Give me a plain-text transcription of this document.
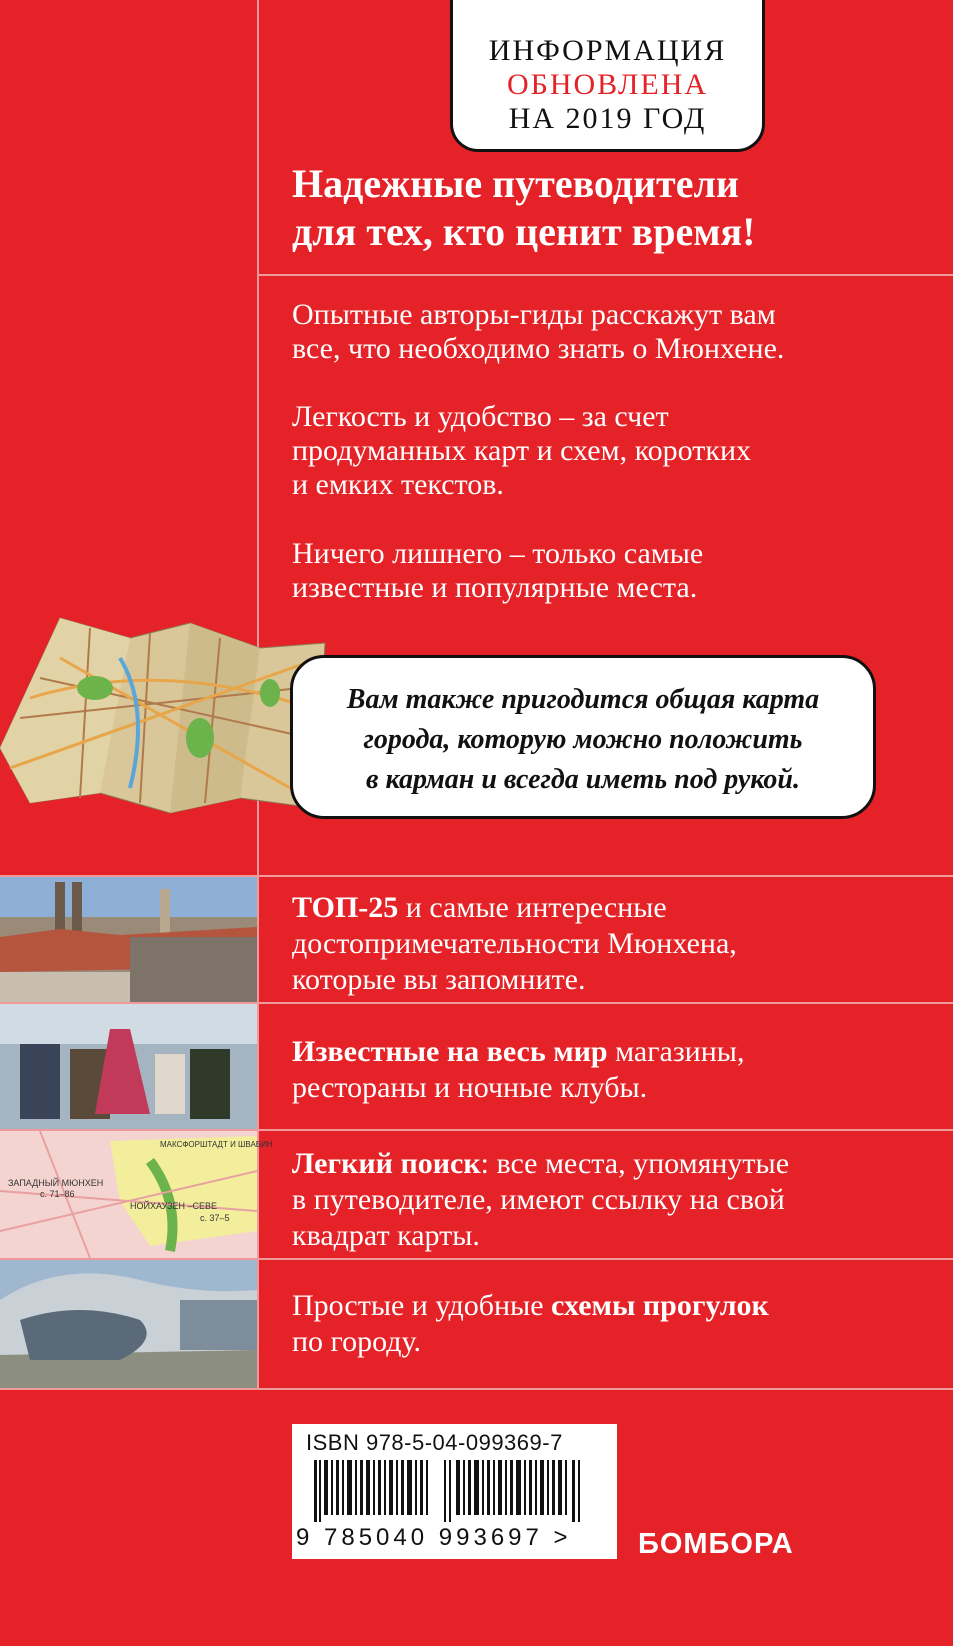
ИНФОРМАЦИЯ
ОБНОВЛЕНА
НА 2019 ГОД
Надежные путеводители
для тех, кто ценит время!
Опытные авторы-гиды расскажут вам
все, что необходимо знать о Мюнхене.
Легкость и удобство – за счет
продуманных карт и схем, коротких
и емких текстов.
Ничего лишнего – только самые
известные и популярные места.
Вам также пригодится общая карта
города, которую можно положить
в карман и всегда иметь под рукой.
ТОП-25 и самые интересные
достопримечательности Мюнхена,
которые вы запомните.
Известные на весь мир магазины,
рестораны и ночные клубы.
ЗАПАДНЫЙ МЮНХЕН
с. 71–86
МАКСФОРШТАДТ И ШВАБИН
НОЙХАУЗЕН –СЕВЕ
с. 37–5
Легкий поиск: все места, упомянутые
в путеводителе, имеют ссылку на свой
квадрат карты.
Простые и удобные схемы прогулок
по городу.
ISBN 978-5-04-099369-7
9 785040 993697 > БОМБОРА
